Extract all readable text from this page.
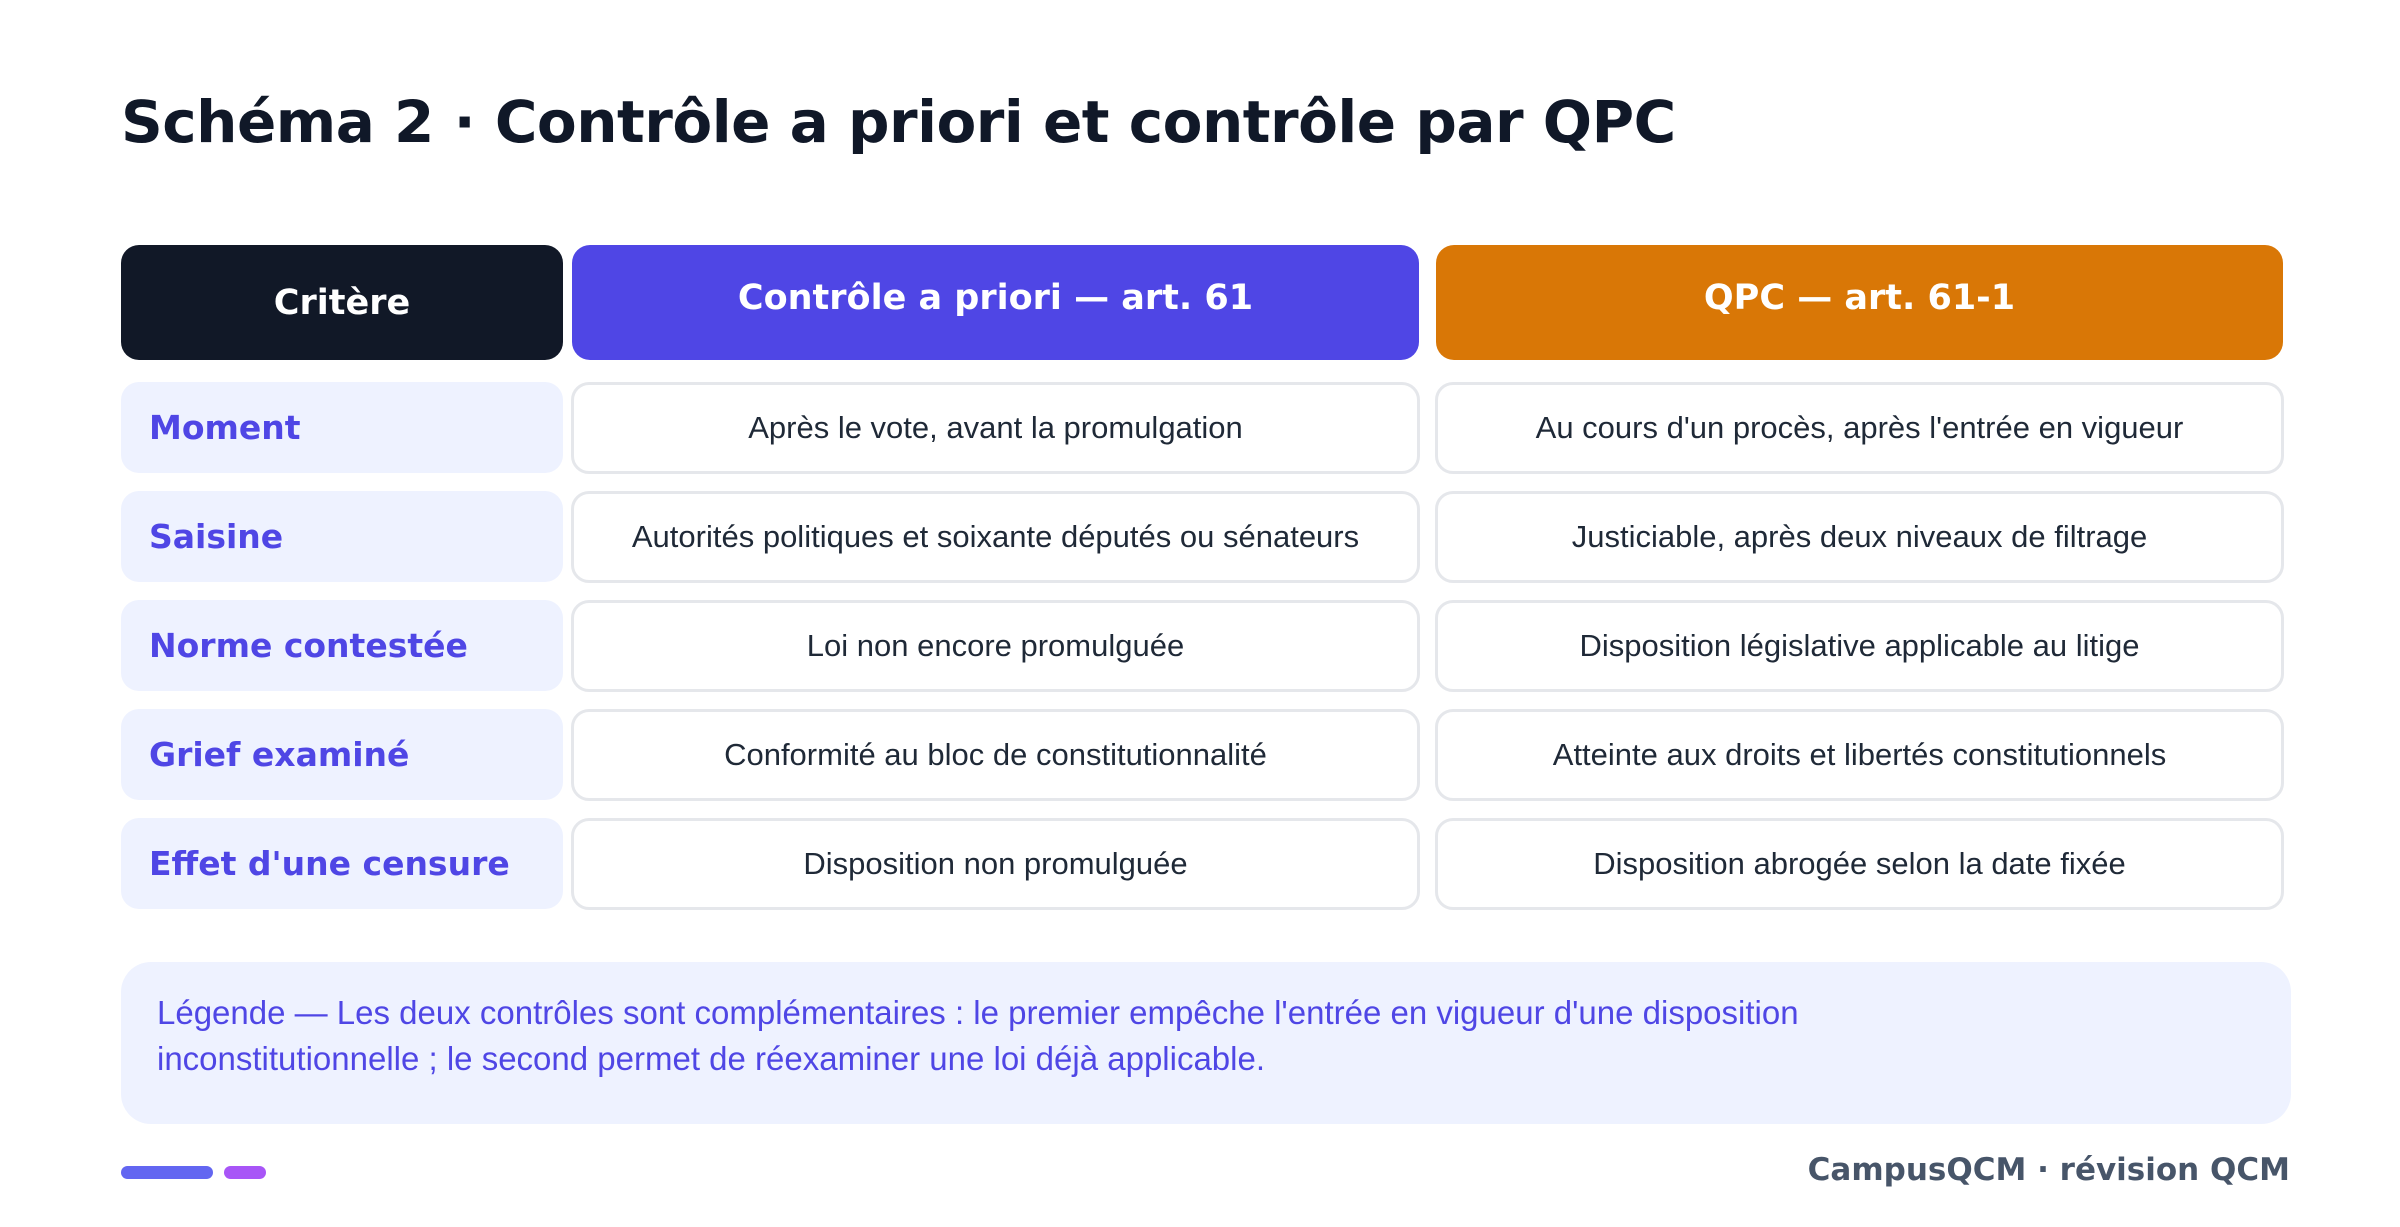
Schéma 2 · Contrôle a priori et contrôle par QPC
Critère	Contrôle a priori — art. 61	QPC — art. 61-1
Moment	Après le vote, avant la promulgation	Au cours d'un procès, après l'entrée en vigueur
Saisine	Autorités politiques et soixante députés ou sénateurs	Justiciable, après deux niveaux de filtrage
Norme contestée	Loi non encore promulguée	Disposition législative applicable au litige
Grief examiné	Conformité au bloc de constitutionnalité	Atteinte aux droits et libertés constitutionnels
Effet d'une censure	Disposition non promulguée	Disposition abrogée selon la date fixée
Légende — Les deux contrôles sont complémentaires : le premier empêche l'entrée en vigueur d'une disposition
inconstitutionnelle ; le second permet de réexaminer une loi déjà applicable.
CampusQCM · révision QCM
